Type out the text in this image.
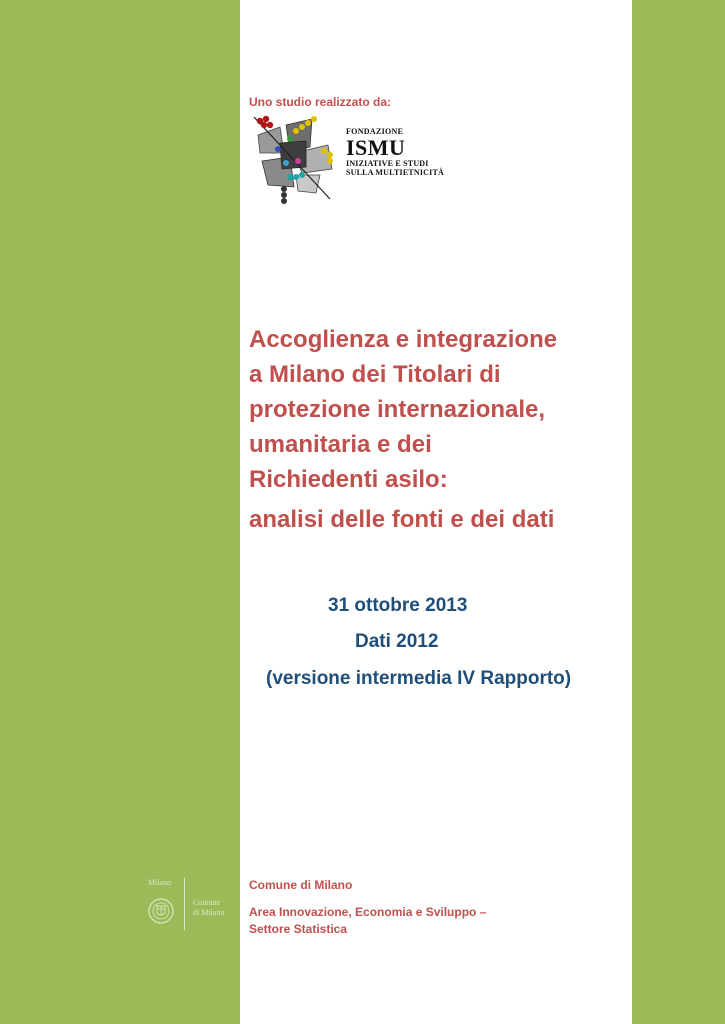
Uno studio realizzato da:
FONDAZIONE
ISMU
INIZIATIVE E STUDI
SULLA MULTIETNICITÀ
Accoglienza e integrazione
a Milano dei Titolari di
protezione internazionale,
umanitaria e dei
Richiedenti asilo:
analisi delle fonti e dei dati
31 ottobre 2013
Dati 2012
(versione intermedia IV Rapporto)
Milano
Comune
di Milano
Comune di Milano
Area Innovazione, Economia e Sviluppo –
Settore Statistica
